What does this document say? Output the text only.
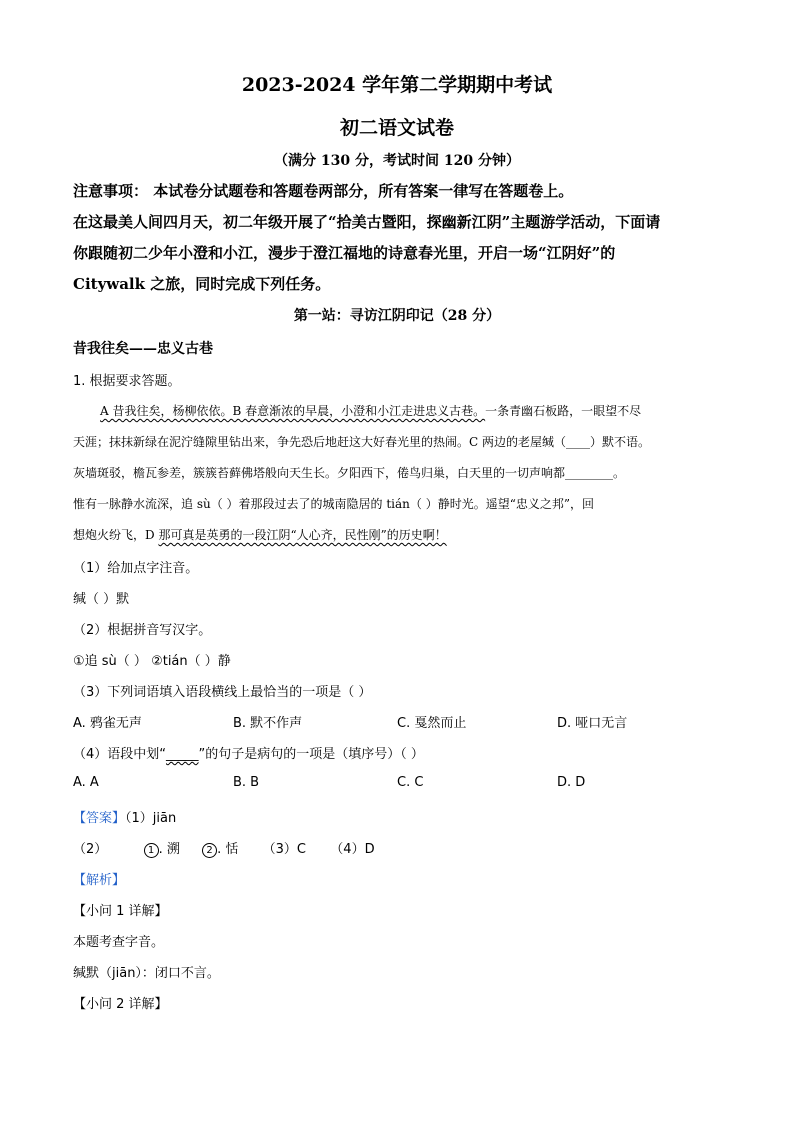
2023-2024 学年第二学期期中考试
初二语文试卷
（满分 130 分，考试时间 120 分钟）
注意事项： 本试卷分试题卷和答题卷两部分，所有答案一律写在答题卷上。
在这最美人间四月天，初二年级开展了“拾美古暨阳，探幽新江阴”主题游学活动，下面请
你跟随初二少年小澄和小江，漫步于澄江福地的诗意春光里，开启一场“江阴好”的
Citywalk 之旅，同时完成下列任务。
第一站：寻访江阴印记（28 分）
昔我往矣——忠义古巷
1. 根据要求答题。
A 昔我往矣，杨柳依依。B 春意渐浓的早晨，小澄和小江走进忠义古巷。一条青幽石板路，一眼望不尽
天涯；抹抹新绿在泥泞缝隙里钻出来，争先恐后地赶这大好春光里的热闹。C 两边的老屋缄（____）默不语。
灰墙斑驳，檐瓦参差，簇簇苔藓佛塔般向天生长。夕阳西下，倦鸟归巢，白天里的一切声响都________。
惟有一脉静水流深，追 sù（ ）着那段过去了的城南隐居的 tián（ ）静时光。遥望“忠义之邦”，回
想炮火纷飞，D 那可真是英勇的一段江阴“人心齐，民性刚”的历史啊！
（1）给加点字注音。
缄（ ）默
（2）根据拼音写汉字。
①追 sù（ ） ②tián（ ）静
（3）下列词语填入语段横线上最恰当的一项是（ ）
A. 鸦雀无声	B. 默不作声	C. 戛然而止	D. 哑口无言
（4）语段中划“_____”的句子是病句的一项是（填序号）（ ）
A. A	B. B	C. C	D. D
【答案】（1）jiān
（2）	1 . 溯	2 . 恬 （3）C （4）D
【解析】
【小问 1 详解】
本题考查字音。
缄默（jiān）：闭口不言。
【小问 2 详解】
